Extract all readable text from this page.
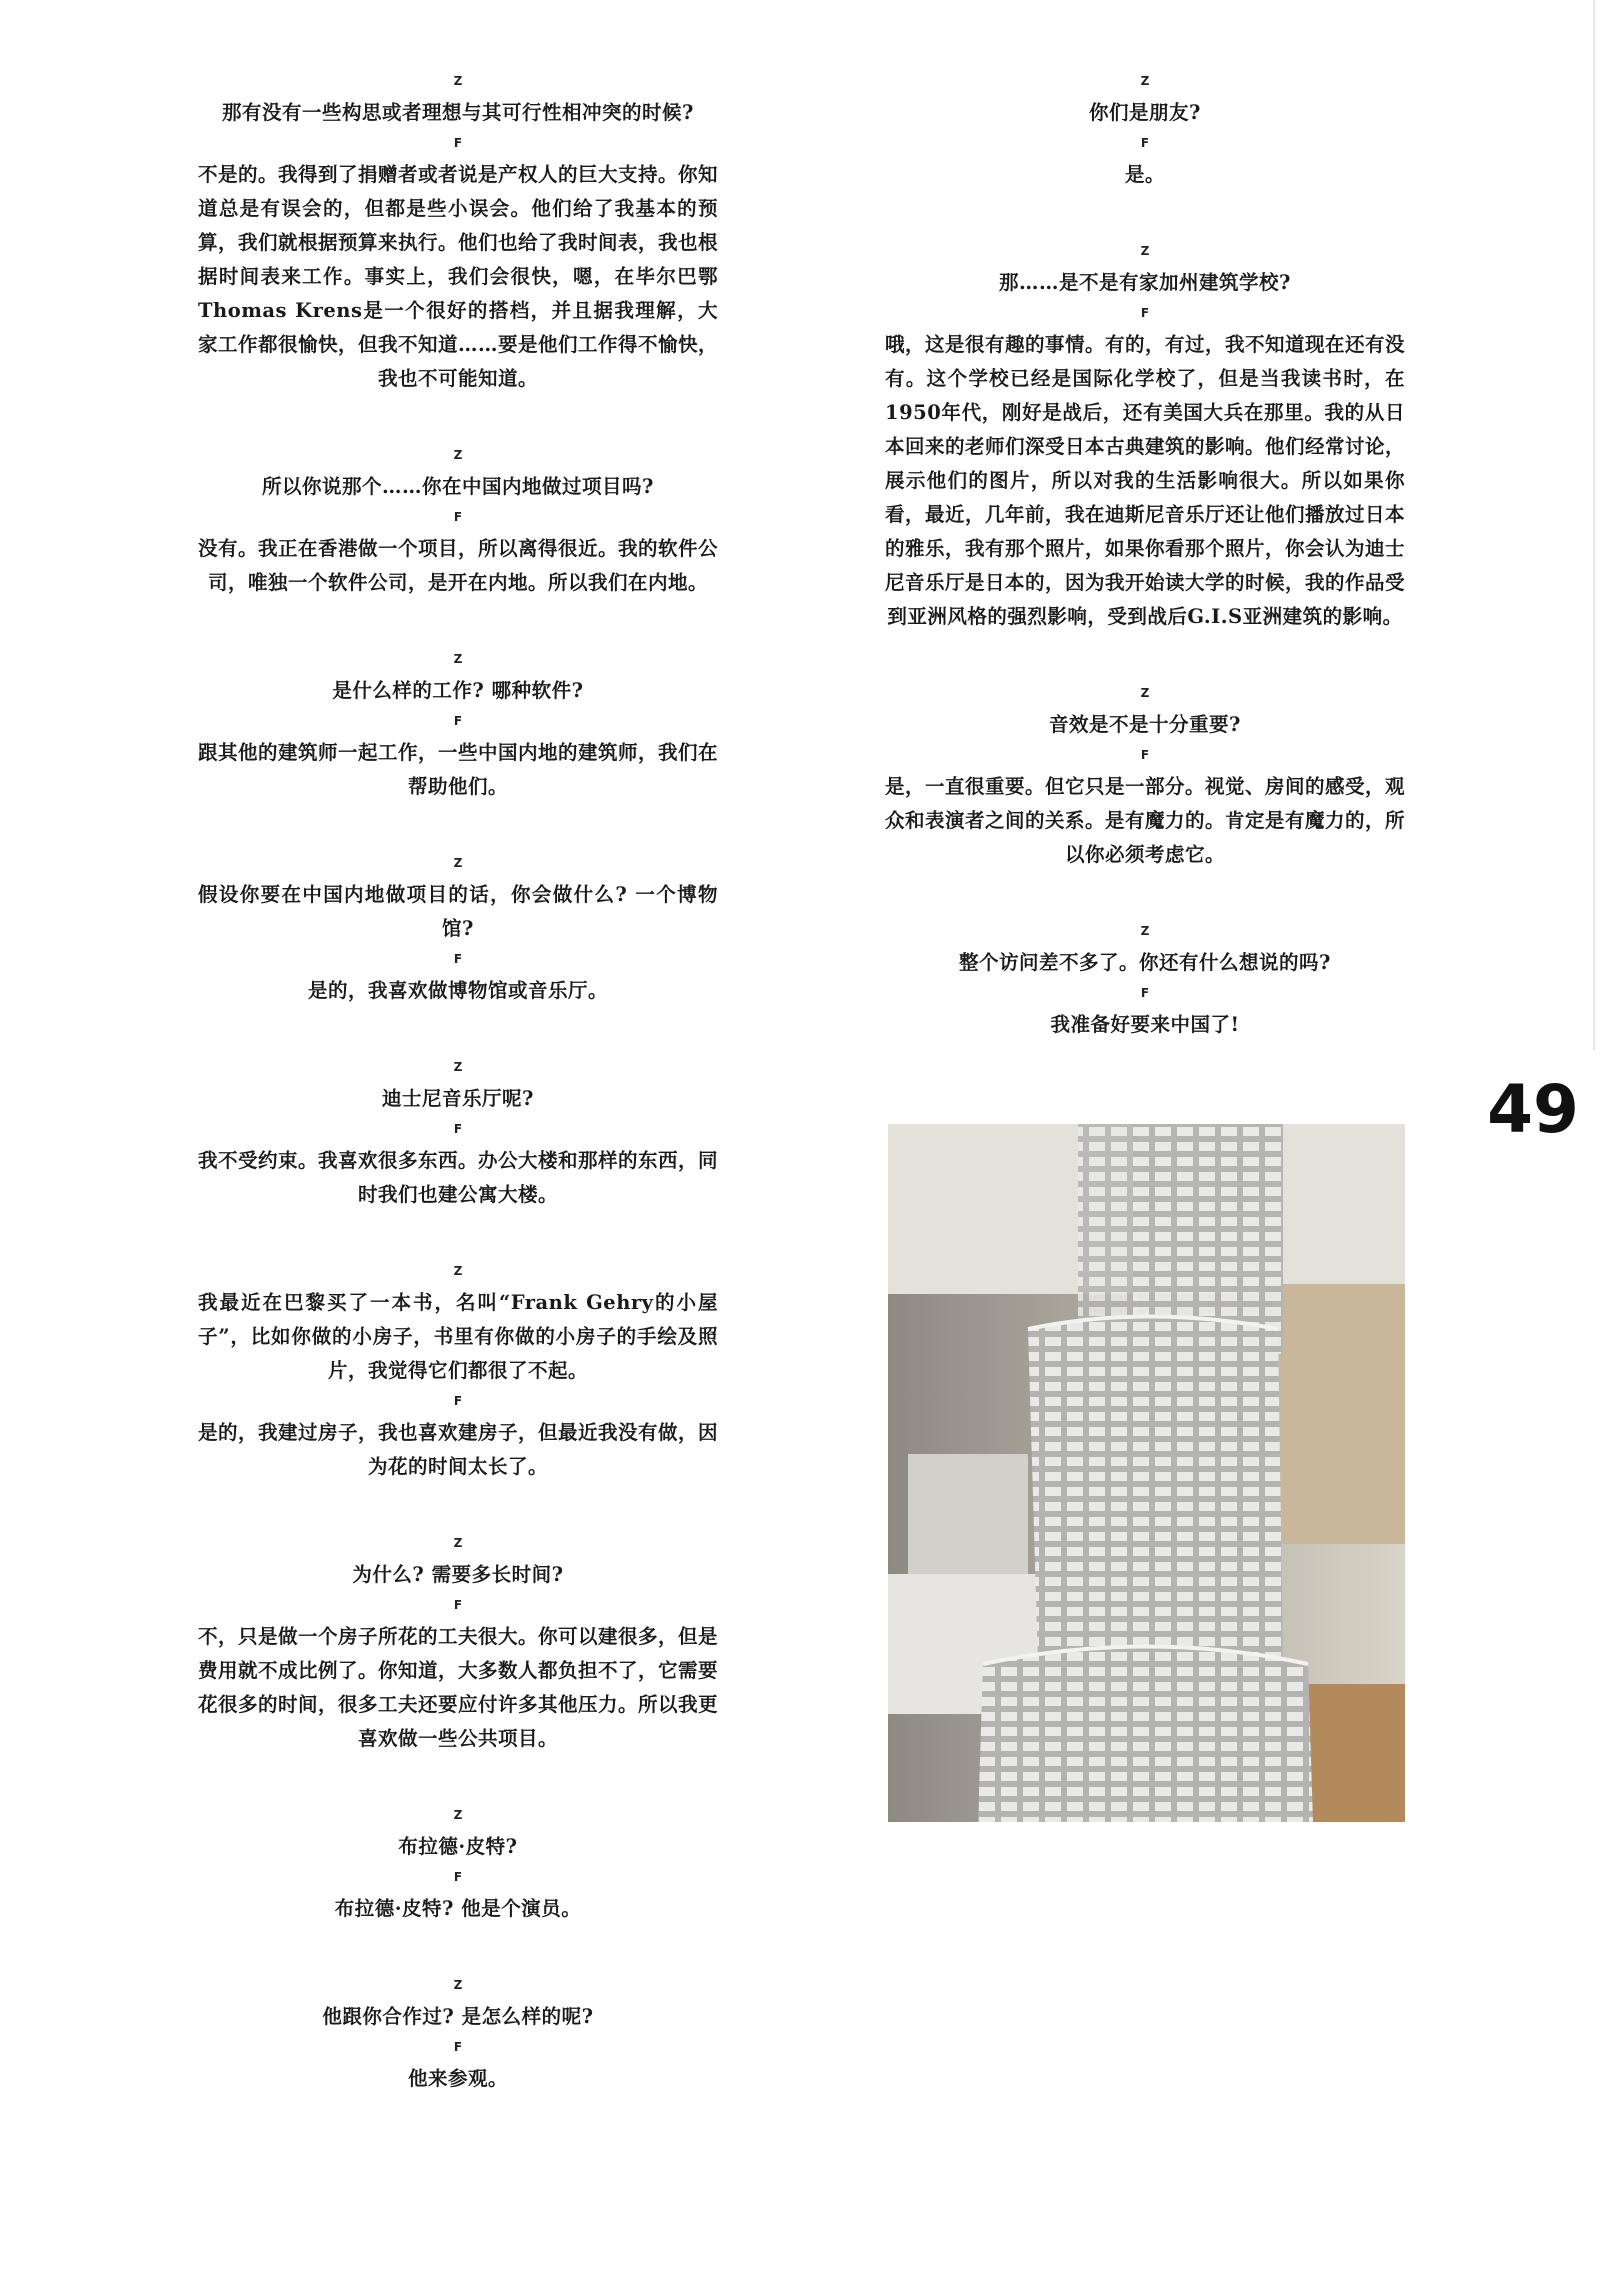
Z
那有没有一些构思或者理想与其可行性相冲突的时候?
F
不是的。我得到了捐赠者或者说是产权人的巨大支持。你知道总是有误会的，但都是些小误会。他们给了我基本的预算，我们就根据预算来执行。他们也给了我时间表，我也根据时间表来工作。事实上，我们会很快，嗯，在毕尔巴鄂Thomas Krens是一个很好的搭档，并且据我理解，大家工作都很愉快，但我不知道……要是他们工作得不愉快，我也不可能知道。
Z
所以你说那个……你在中国内地做过项目吗?
F
没有。我正在香港做一个项目，所以离得很近。我的软件公司，唯独一个软件公司，是开在内地。所以我们在内地。
Z
是什么样的工作? 哪种软件?
F
跟其他的建筑师一起工作，一些中国内地的建筑师，我们在帮助他们。
Z
假设你要在中国内地做项目的话，你会做什么? 一个博物馆?
F
是的，我喜欢做博物馆或音乐厅。
Z
迪士尼音乐厅呢?
F
我不受约束。我喜欢很多东西。办公大楼和那样的东西，同时我们也建公寓大楼。
Z
我最近在巴黎买了一本书，名叫“Frank Gehry的小屋子”，比如你做的小房子，书里有你做的小房子的手绘及照片，我觉得它们都很了不起。
F
是的，我建过房子，我也喜欢建房子，但最近我没有做，因为花的时间太长了。
Z
为什么? 需要多长时间?
F
不，只是做一个房子所花的工夫很大。你可以建很多，但是费用就不成比例了。你知道，大多数人都负担不了，它需要花很多的时间，很多工夫还要应付许多其他压力。所以我更喜欢做一些公共项目。
Z
布拉德·皮特?
F
布拉德·皮特? 他是个演员。
Z
他跟你合作过? 是怎么样的呢?
F
他来参观。
Z
你们是朋友?
F
是。
Z
那……是不是有家加州建筑学校?
F
哦，这是很有趣的事情。有的，有过，我不知道现在还有没有。这个学校已经是国际化学校了，但是当我读书时，在1950年代，刚好是战后，还有美国大兵在那里。我的从日本回来的老师们深受日本古典建筑的影响。他们经常讨论，展示他们的图片，所以对我的生活影响很大。所以如果你看，最近，几年前，我在迪斯尼音乐厅还让他们播放过日本的雅乐，我有那个照片，如果你看那个照片，你会认为迪士尼音乐厅是日本的，因为我开始读大学的时候，我的作品受到亚洲风格的强烈影响，受到战后G.I.S亚洲建筑的影响。
Z
音效是不是十分重要?
F
是，一直很重要。但它只是一部分。视觉、房间的感受，观众和表演者之间的关系。是有魔力的。肯定是有魔力的，所以你必须考虑它。
Z
整个访问差不多了。你还有什么想说的吗?
F
我准备好要来中国了!
49
